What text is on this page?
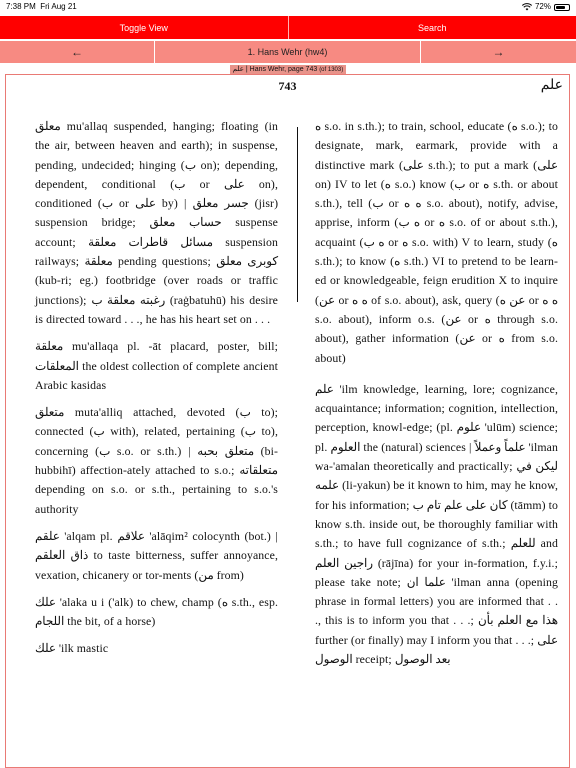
7:38 PM Fri Aug 21	72%
Toggle View	Search
←	1. Hans Wehr (hw4)	→
علم | Hans Wehr, page 743 (of 1303)
743	علم

معلق mu'allaq suspended, hanging; floating (in the air, between heaven and earth); in suspense, pending, undecided; hinging (ب on); depending, dependent, conditional (ب or على on), conditioned (ب or على by) | جسر معلق (jisr) suspension bridge; حساب معلق suspense account; مسائل قاطرات معلقة suspension railways; معلقة pending questions; كوبرى معلق (kub-ri; eg.) footbridge (over roads or traffic junctions); رغبته معلقة ب (raġbatuhū) his desire is directed toward . . ., he has his heart set on . . .

معلقة mu'allaqa pl. -āt placard, poster, bill; المعلقات the oldest collection of complete ancient Arabic kasidas

متعلق muta'alliq attached, devoted (ب to); connected (ب with), related, pertaining (ب to), concerning (ب s.o. or s.th.) | متعلق بحبه (bi-hubbihī) affection-ately attached to s.o.; متعلقاته depending on s.o. or s.th., pertaining to s.o.'s authority

علقم 'alqam pl. علاقم 'alāqim² colocynth (bot.) | ذاق العلقم to taste bitterness, suffer annoyance, vexation, chicanery or tor-ments (من from)

علك 'alaka u i ('alk) to chew, champ (ه s.th., esp. اللجام the bit, of a horse)

علك 'ilk mastic

ه s.o. in s.th.); to train, school, educate (ه s.o.); to designate, mark, earmark, provide with a distinctive mark (على s.th.); to put a mark (على on) IV to let (ه s.o.) know (ب or ه s.th. or about s.th.), tell (ب or ه ه s.o. about), notify, advise, apprise, inform (ه ب or ه s.o. of or about s.th.), acquaint (ه ب or ه s.o. with) V to learn, study (ه s.th.); to know (ه s.th.) VI to pretend to be learn-ed or knowledgeable, feign erudition X to inquire (عن or ه ه of s.o. about), ask, query (عن ه or ه ه s.o. about), inform o.s. (عن or ه through s.o. about), gather information (عن or ه from s.o. about)

علم 'ilm knowledge, learning, lore; cognizance, acquaintance; information; cognition, intellection, perception, knowl-edge; (pl. علوم 'ulūm) science; pl. العلوم the (natural) sciences | علماً وعملاً 'ilman wa-'amalan theoretically and practically; ليكن في علمه (li-yakun) be it known to him, may he know, for his information; كان على علم تام ب (tāmm) to know s.th. inside out, be thoroughly familiar with s.th.; to have full cognizance of s.th.; للعلم and راجين العلم (rājīna) for your in-formation, f.y.i.; please take note; علما ان 'ilman anna (opening phrase in formal letters) you are informed that . . ., this is to inform you that . . .; هذا مع العلم بأن further (or finally) may I inform you that . . .; على الوصول receipt; بعد الوصول
